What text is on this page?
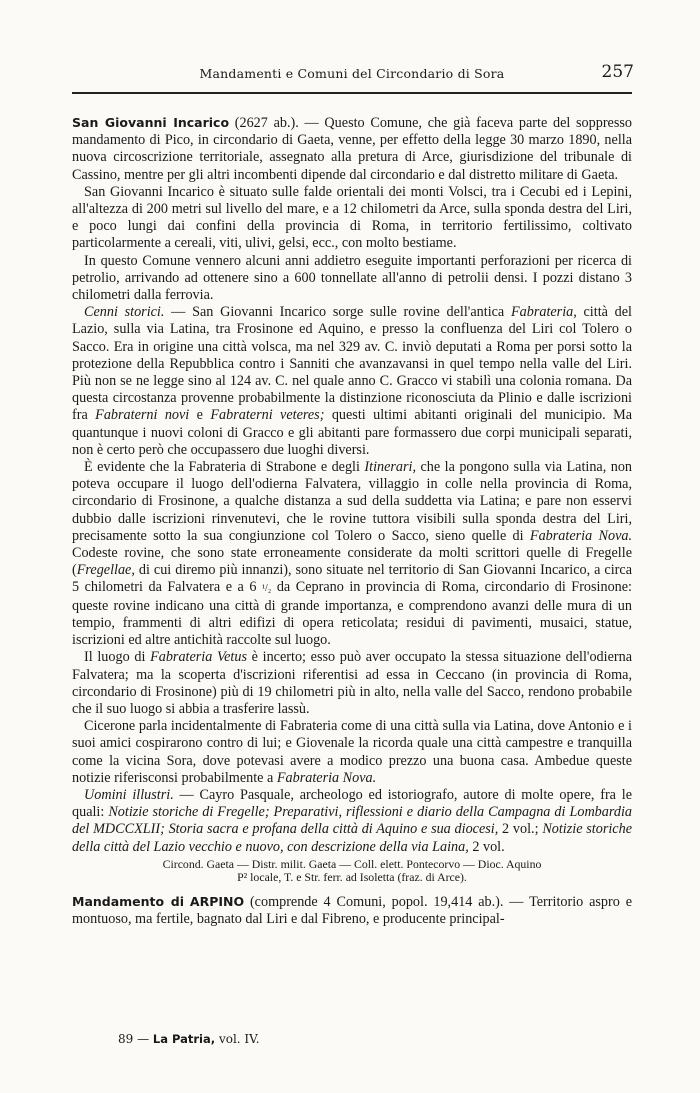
Mandamenti e Comuni del Circondario di Sora	257

San Giovanni Incarico (2627 ab.). — Questo Comune, che già faceva parte del soppresso mandamento di Pico, in circondario di Gaeta, venne, per effetto della legge 30 marzo 1890, nella nuova circoscrizione territoriale, assegnato alla pretura di Arce, giurisdizione del tribunale di Cassino, mentre per gli altri incombenti dipende dal circondario e dal distretto militare di Gaeta.

San Giovanni Incarico è situato sulle falde orientali dei monti Volsci, tra i Cecubi ed i Lepini, all'altezza di 200 metri sul livello del mare, e a 12 chilometri da Arce, sulla sponda destra del Liri, e poco lungi dai confini della provincia di Roma, in territorio fertilissimo, coltivato particolarmente a cereali, viti, ulivi, gelsi, ecc., con molto bestiame.

In questo Comune vennero alcuni anni addietro eseguite importanti perforazioni per ricerca di petrolio, arrivando ad ottenere sino a 600 tonnellate all'anno di petrolii densi. I pozzi distano 3 chilometri dalla ferrovia.

Cenni storici. — San Giovanni Incarico sorge sulle rovine dell'antica Fabrateria, città del Lazio, sulla via Latina, tra Frosinone ed Aquino, e presso la confluenza del Liri col Tolero o Sacco. Era in origine una città volsca, ma nel 329 av. C. inviò deputati a Roma per porsi sotto la protezione della Repubblica contro i Sanniti che avanzavansi in quel tempo nella valle del Liri. Più non se ne legge sino al 124 av. C. nel quale anno C. Gracco vi stabilì una colonia romana. Da questa circostanza provenne probabilmente la distinzione riconosciuta da Plinio e dalle iscrizioni fra Fabraterni novi e Fabraterni veteres; questi ultimi abitanti originali del municipio. Ma quantunque i nuovi coloni di Gracco e gli abitanti pare formassero due corpi municipali separati, non è certo però che occupassero due luoghi diversi.

È evidente che la Fabrateria di Strabone e degli Itinerari, che la pongono sulla via Latina, non poteva occupare il luogo dell'odierna Falvatera, villaggio in colle nella provincia di Roma, circondario di Frosinone, a qualche distanza a sud della suddetta via Latina; e pare non esservi dubbio dalle iscrizioni rinvenutevi, che le rovine tuttora visibili sulla sponda destra del Liri, precisamente sotto la sua congiunzione col Tolero o Sacco, sieno quelle di Fabrateria Nova. Codeste rovine, che sono state erroneamente considerate da molti scrittori quelle di Fregelle (Fregellae, di cui diremo più innanzi), sono situate nel territorio di San Giovanni Incarico, a circa 5 chilometri da Falvatera e a 6 ¹/₂ da Ceprano in provincia di Roma, circondario di Frosinone: queste rovine indicano una città di grande importanza, e comprendono avanzi delle mura di un tempio, frammenti di altri edifizi di opera reticolata; residui di pavimenti, musaici, statue, iscrizioni ed altre antichità raccolte sul luogo.

Il luogo di Fabrateria Vetus è incerto; esso può aver occupato la stessa situazione dell'odierna Falvatera; ma la scoperta d'iscrizioni riferentisi ad essa in Ceccano (in provincia di Roma, circondario di Frosinone) più di 19 chilometri più in alto, nella valle del Sacco, rendono probabile che il suo luogo si abbia a trasferire lassù.

Cicerone parla incidentalmente di Fabrateria come di una città sulla via Latina, dove Antonio e i suoi amici cospirarono contro di lui; e Giovenale la ricorda quale una città campestre e tranquilla come la vicina Sora, dove potevasi avere a modico prezzo una buona casa. Ambedue queste notizie riferisconsi probabilmente a Fabrateria Nova.

Uomini illustri. — Cayro Pasquale, archeologo ed istoriografo, autore di molte opere, fra le quali: Notizie storiche di Fregelle; Preparativi, riflessioni e diario della Campagna di Lombardia del MDCCXLII; Storia sacra e profana della città di Aquino e sua diocesi, 2 vol.; Notizie storiche della città del Lazio vecchio e nuovo, con descrizione della via Laina, 2 vol.

Circond. Gaeta — Distr. milit. Gaeta — Coll. elett. Pontecorvo — Dioc. Aquino
P² locale, T. e Str. ferr. ad Isoletta (fraz. di Arce).

Mandamento di ARPINO (comprende 4 Comuni, popol. 19,414 ab.). — Territorio aspro e montuoso, ma fertile, bagnato dal Liri e dal Fibreno, e producente principal-

89 — La Patria, vol. IV.
